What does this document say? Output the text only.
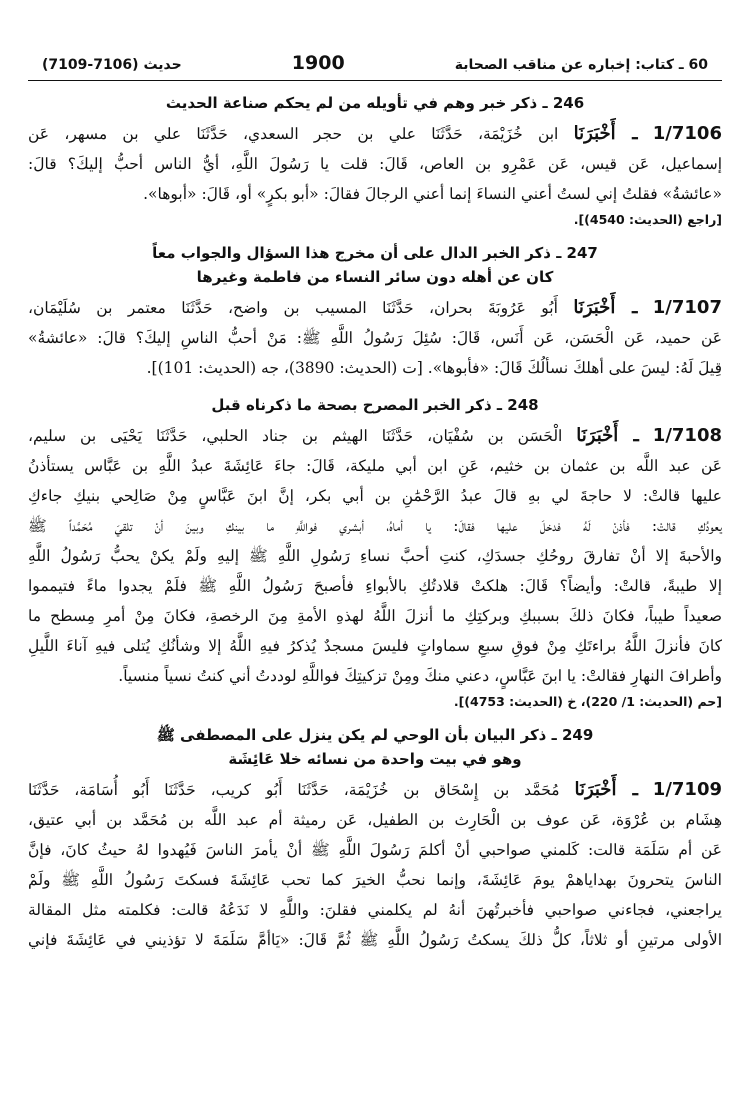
60 ـ كتاب: إخباره عن مناقب الصحابة
1900
حديث (7106-7109)
246 ـ ذكر خبر وهم في تأويله من لم يحكم صناعة الحديث
1/7106 ـ أَخْبَرَنَا ابن خُزَيْمَة، حَدَّثَنَا علي بن حجر السعدي، حَدَّثَنَا علي بن مسهر، عَن
إسماعيل، عَن قيس، عَن عَمْرِو بن العاص، قَالَ: قلت يا رَسُولَ اللَّهِ، أيُّ الناس أحبُّ إليكَ؟ قالَ:
«عائشةُ» فقلتُ إني لستُ أعني النساءَ إنما أعني الرجالَ فقالَ: «أبو بكرٍ» أو، قَالَ: «أبوها».
[راجع (الحديث: 4540)].
247 ـ ذكر الخبر الدال على أن مخرج هذا السؤال والجواب معاً
كان عن أهله دون سائر النساء من فاطمة وغيرها
1/7107 ـ أَخْبَرَنَا أَبُو عَرُوبَةَ بحران، حَدَّثَنَا المسيب بن واضح، حَدَّثَنَا معتمر بن سُلَيْمَان،
عَن حميد، عَن الْحَسَن، عَن أَنَس، قَالَ: سُئِلَ رَسُولُ اللَّهِ ﷺ: مَنْ أحبُّ الناسِ إليكَ؟ قالَ: «عائشةُ»
قِيلَ لَهُ: ليسَ على أهلكَ نسألُكَ قَالَ: «فأبوها». [ت (الحديث: 3890)، جه (الحديث: 101)].
248 ـ ذكر الخبر المصرح بصحة ما ذكرناه قبل
1/7108 ـ أَخْبَرَنَا الْحَسَن بن سُفْيَان، حَدَّثَنَا الهيثم بن جناد الحلبي، حَدَّثَنَا يَحْيَى بن سليم،
عَن عبد اللَّه بن عثمان بن خثيم، عَنِ ابن أبي مليكة، قَالَ: جاءَ عَائِشَةَ عبدُ اللَّهِ بن عَبَّاس يستأذنُ
عليها قالتْ: لا حاجةَ لي بهِ قالَ عبدُ الرَّحْمَٰنِ بن أبي بكر، إنَّ ابنَ عَبَّاسٍ مِنْ صَالِحي بنيكِ جاءكِ
يعودُكِ قالتْ: فأذنْ لَهُ فدخلَ عليها فقالَ: يا أماهُ، أبشري فواللَّهِ ما بينكِ وبينَ أنْ تلقيَ مُحَمَّداً ﷺ
والأحبةَ إلا أنْ تفارقَ روحُكِ جسدَكِ، كنتِ أحبَّ نساءِ رَسُولِ اللَّهِ ﷺ إليهِ ولَمْ يكنْ يحبُّ رَسُولُ اللَّهِ
إلا طيبةً، قالتْ: وأيضاً؟ قَالَ: هلكتْ قلادتُكِ بالأبواءِ فأصبحَ رَسُولُ اللَّهِ ﷺ فلَمْ يجدوا ماءً فتيمموا
صعيداً طيباً، فكانَ ذلكَ بسببكِ وبركتِكِ ما أنزلَ اللَّهُ لهذهِ الأمةِ مِنَ الرخصةِ، فكانَ مِنْ أمرِ مِسطح ما
كانَ فأنزلَ اللَّهُ براءتَكِ مِنْ فوقِ سبعِ سماواتٍ فليسَ مسجدٌ يُذكرُ فيهِ اللَّهُ إلا وشأنُكِ يُتلى فيهِ آناءَ اللَّيلِ
وأطرافَ النهارِ فقالتْ: يا ابنَ عَبَّاسٍ، دعني منكَ ومِنْ تزكيتِكَ فواللَّهِ لوددتُ أني كنتُ نسياً منسياً.
[حم (الحديث: 1/ 220)، خ (الحديث: 4753)].
249 ـ ذكر البيان بأن الوحي لم يكن ينزل على المصطفى ﷺ
وهو في بيت واحدة من نسائه خلا عَائِشَة
1/7109 ـ أَخْبَرَنَا مُحَمَّد بن إِسْحَاق بن خُزَيْمَة، حَدَّثَنَا أَبُو كريب، حَدَّثَنَا أَبُو أُسَامَة، حَدَّثَنَا
هِشَام بن عُرْوَة، عَن عوف بن الْحَارِث بن الطفيل، عَن رميثة أم عبد اللَّه بن مُحَمَّد بن أبي عتيق،
عَن أم سَلَمَة قالت: كَلمني صواحبي أنْ أكلمَ رَسُولَ اللَّهِ ﷺ أنْ يأمرَ الناسَ فَيُهدوا لهُ حيثُ كانَ، فإنَّ
الناسَ يتحرونَ بهداياهمْ يومَ عَائِشَةَ، وإنما نحبُّ الخيرَ كما تحب عَائِشَةَ فسكتَ رَسُولُ اللَّهِ ﷺ ولَمْ
يراجعني، فجاءني صواحبي فأخبرتُهنَ أنهُ لم يكلمني فقلنَ: واللَّهِ لا نَدَعُهُ قالت: فكلمته مثل المقالة
الأولى مرتينِ أو ثلاثاً، كلُّ ذلكَ يسكتُ رَسُولُ اللَّهِ ﷺ ثُمَّ قَالَ: «يَاأمَّ سَلَمَةَ لا تؤذيني في عَائِشَةَ فإني
